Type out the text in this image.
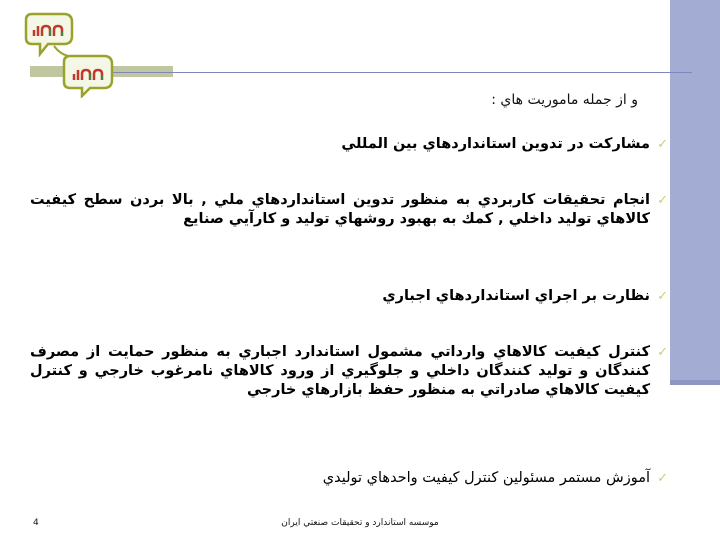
و از جمله ماموريت هاي :
✓
مشاركت در تدوين استانداردهاي بين المللي
✓
انجام تحقيقات كاربردي به منظور تدوين استانداردهاي ملي , بالا بردن سطح كيفيت كالاهاي توليد داخلي , كمك به بهبود روشهاي توليد و كارآيي صنايع
✓
نظارت بر اجراي استانداردهاي اجباري
✓
كنترل كيفيت كالاهاي وارداتي مشمول استاندارد اجباري به منظور حمايت از مصرف كنندگان و توليد كنندگان داخلي و جلوگيري از ورود كالاهاي نامرغوب خارجي و كنترل كيفيت كالاهاي صادراتي به منظور حفظ بازارهاي خارجي
✓
آموزش مستمر مسئولين كنترل كيفيت واحدهاي توليدي
4	موسسه استاندارد و تحقيقات صنعتي ايران
